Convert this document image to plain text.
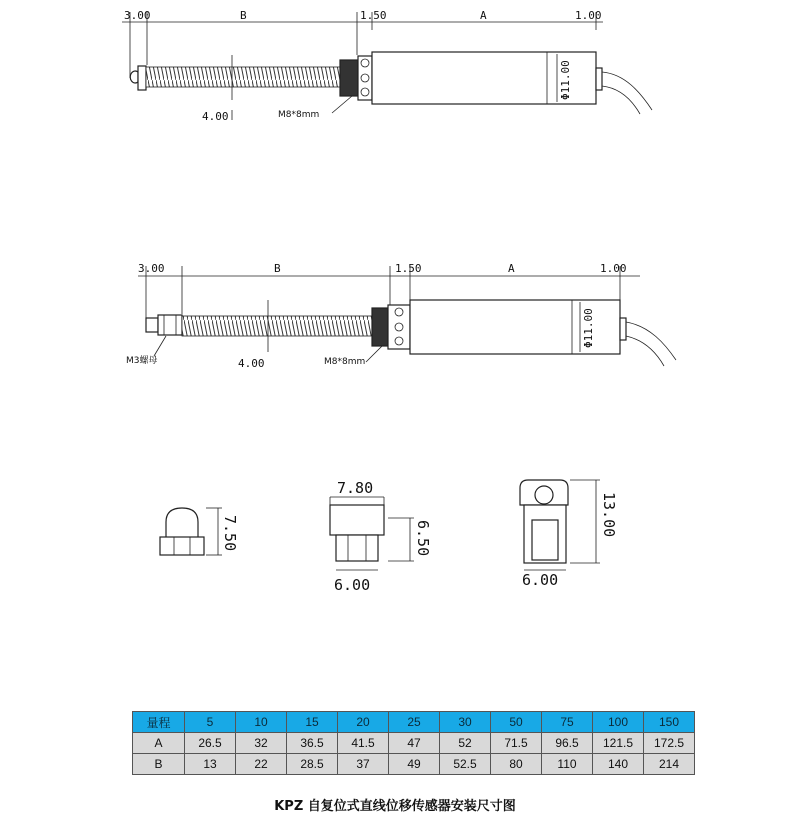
3.00	B	1.50	A	1.00
4.00	M8*8mm
Φ11.00
3.00	B	1.50	A	1.00
M3螺母	4.00	M8*8mm
Φ11.00
7.50
7.80
6.50
6.00
13.00
6.00
量程	5	10	15	20	25	30	50	75	100	150
A	26.5	32	36.5	41.5	47	52	71.5	96.5	121.5	172.5
B	13	22	28.5	37	49	52.5	80	110	140	214
KPZ 自复位式直线位移传感器安装尺寸图
